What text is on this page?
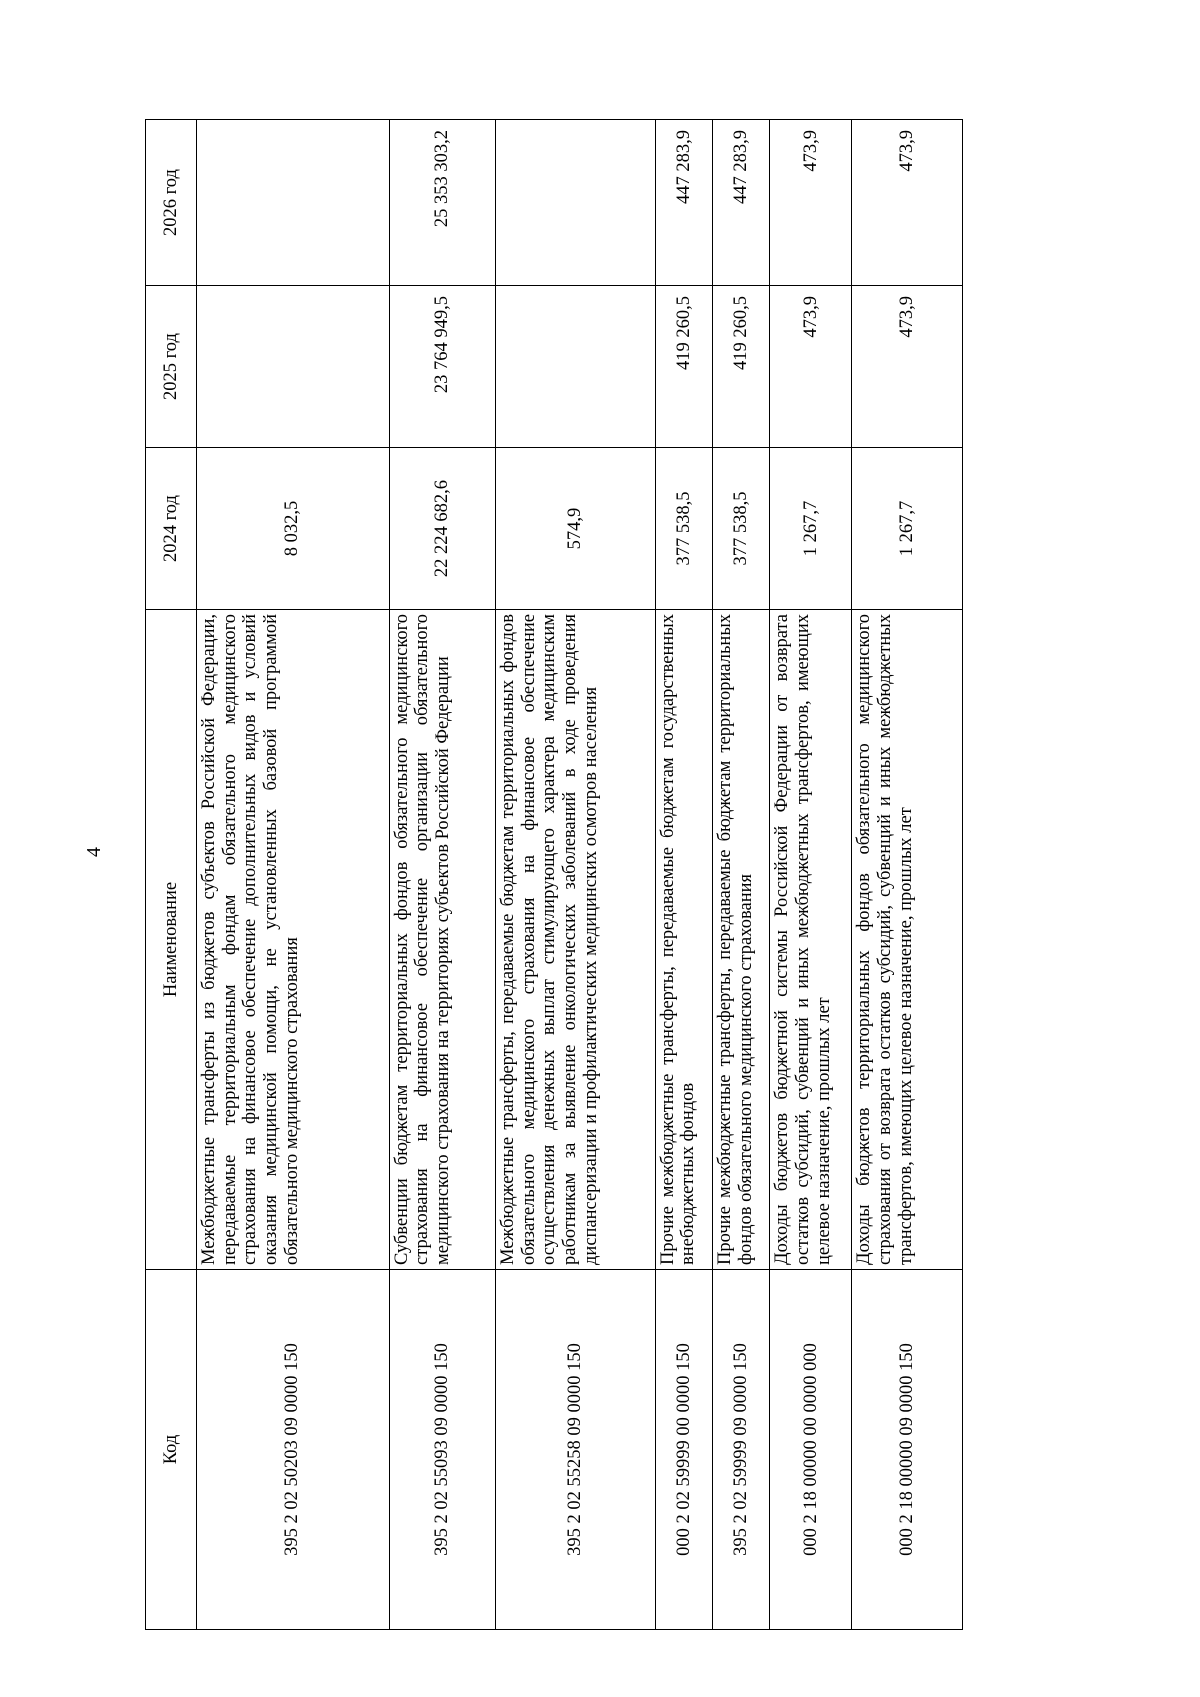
4
Код	Наименование	2024 год	2025 год	2026 год
395 2 02 50203 09 0000 150	Межбюджетные трансферты из бюджетов субъектов Российской Федерации, передаваемые территориальным фондам обязательного медицинского страхования на финансовое обеспечение дополнительных видов и условий оказания медицинской помощи, не установленных базовой программой обязательного медицинского страхования	8 032,5		
395 2 02 55093 09 0000 150	Субвенции бюджетам территориальных фондов обязательного медицинского страхования на финансовое обеспечение организации обязательного медицинского страхования на территориях субъектов Российской Федерации	22 224 682,6	23 764 949,5	25 353 303,2
395 2 02 55258 09 0000 150	Межбюджетные трансферты, передаваемые бюджетам территориальных фондов обязательного медицинского страхования на финансовое обеспечение осуществления денежных выплат стимулирующего характера медицинским работникам за выявление онкологических заболеваний в ходе проведения диспансеризации и профилактических медицинских осмотров населения	574,9		
000 2 02 59999 00 0000 150	Прочие межбюджетные трансферты, передаваемые бюджетам государственных внебюджетных фондов	377 538,5	419 260,5	447 283,9
395 2 02 59999 09 0000 150	Прочие межбюджетные трансферты, передаваемые бюджетам территориальных фондов обязательного медицинского страхования	377 538,5	419 260,5	447 283,9
000 2 18 00000 00 0000 000	Доходы бюджетов бюджетной системы Российской Федерации от возврата остатков субсидий, субвенций и иных межбюджетных трансфертов, имеющих целевое назначение, прошлых лет	1 267,7	473,9	473,9
000 2 18 00000 09 0000 150	Доходы бюджетов территориальных фондов обязательного медицинского страхования от возврата остатков субсидий, субвенций и иных межбюджетных трансфертов, имеющих целевое назначение, прошлых лет	1 267,7	473,9	473,9
